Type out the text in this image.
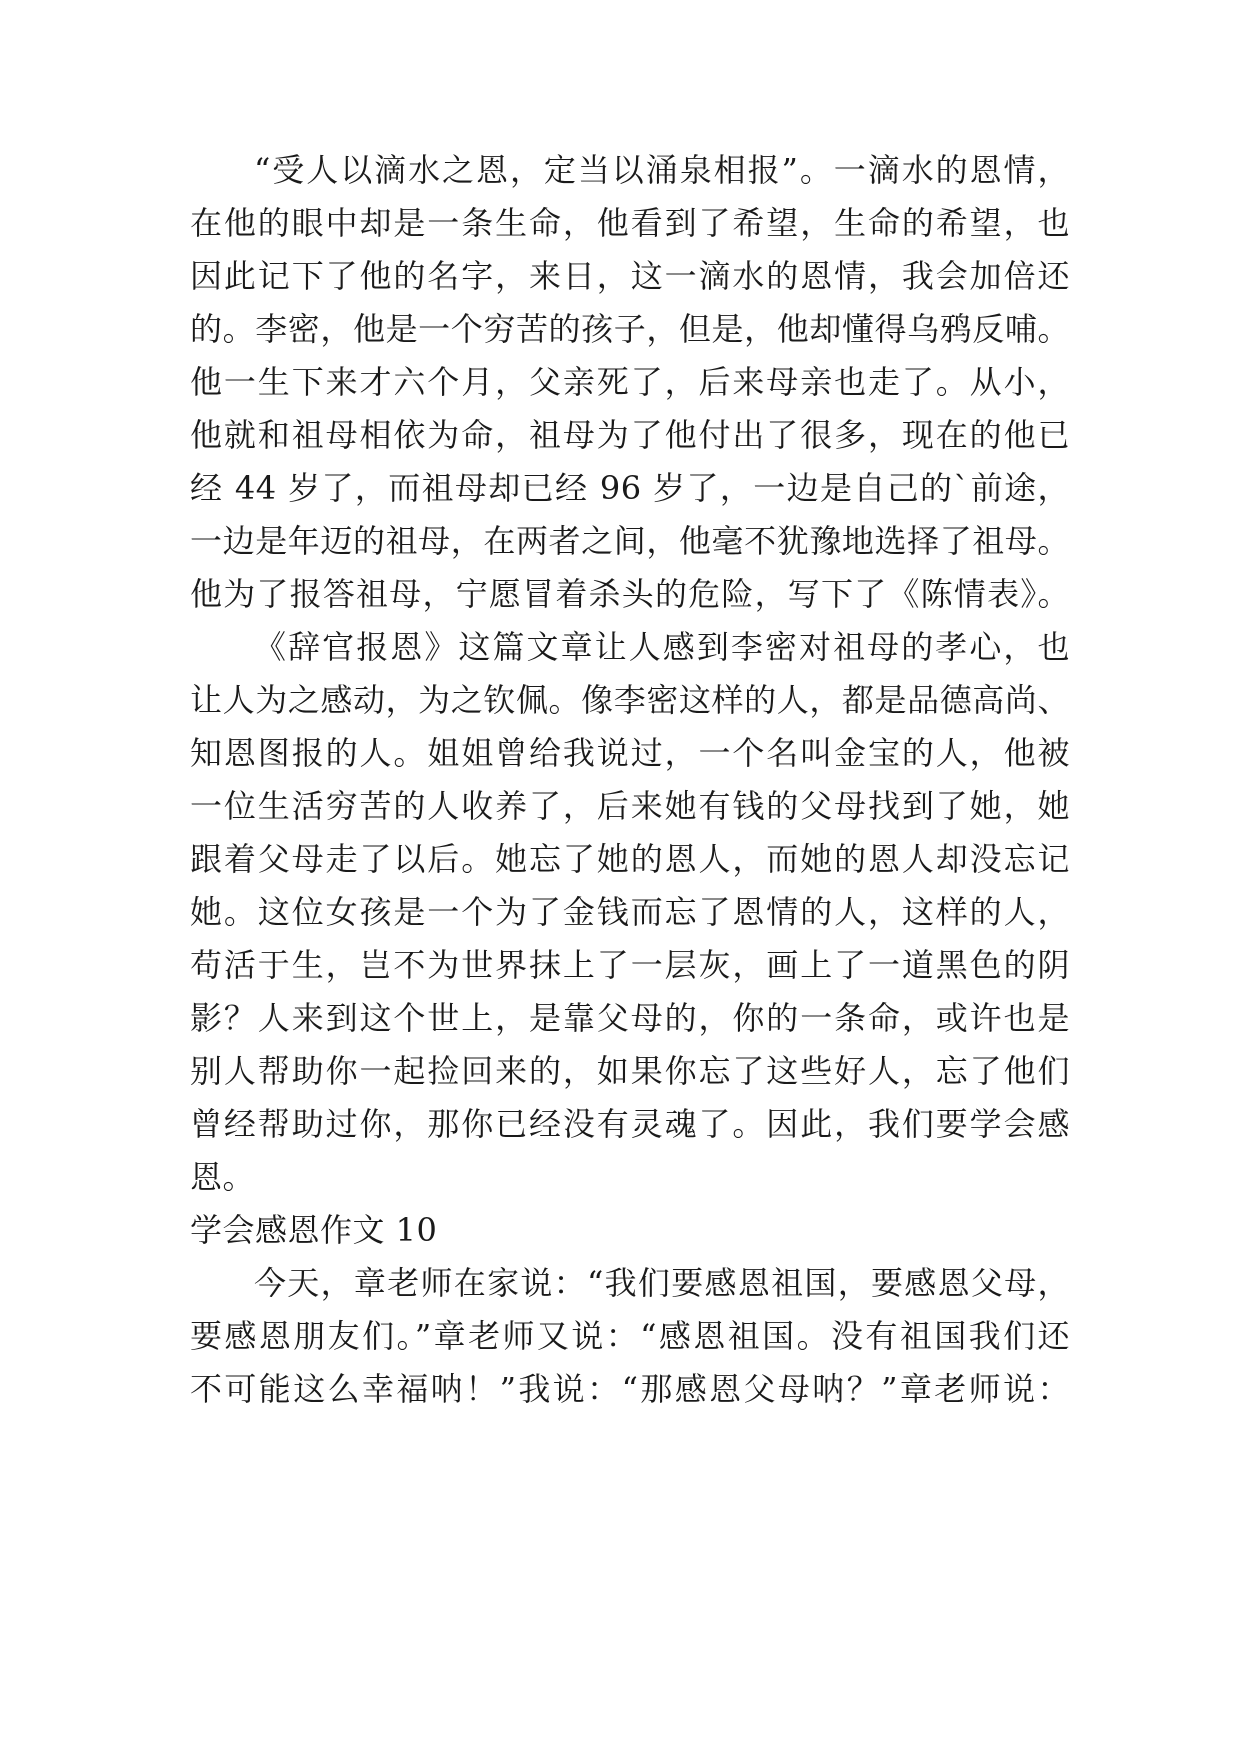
“受人以滴水之恩，定当以涌泉相报”。一滴水的恩情，
在他的眼中却是一条生命，他看到了希望，生命的希望，也
因此记下了他的名字，来日，这一滴水的恩情，我会加倍还
的。李密，他是一个穷苦的孩子，但是，他却懂得乌鸦反哺。
他一生下来才六个月，父亲死了，后来母亲也走了。从小，
他就和祖母相依为命，祖母为了他付出了很多，现在的他已
经 44 岁了，而祖母却已经 96 岁了，一边是自己的`前途，
一边是年迈的祖母，在两者之间，他毫不犹豫地选择了祖母。
他为了报答祖母，宁愿冒着杀头的危险，写下了《陈情表》。
《辞官报恩》这篇文章让人感到李密对祖母的孝心，也
让人为之感动，为之钦佩。像李密这样的人，都是品德高尚、
知恩图报的人。姐姐曾给我说过，一个名叫金宝的人，他被
一位生活穷苦的人收养了，后来她有钱的父母找到了她，她
跟着父母走了以后。她忘了她的恩人，而她的恩人却没忘记
她。这位女孩是一个为了金钱而忘了恩情的人，这样的人，
苟活于生，岂不为世界抹上了一层灰，画上了一道黑色的阴
影？人来到这个世上，是靠父母的，你的一条命，或许也是
别人帮助你一起捡回来的，如果你忘了这些好人，忘了他们
曾经帮助过你，那你已经没有灵魂了。因此，我们要学会感
恩。
学会感恩作文 10
今天，章老师在家说：“我们要感恩祖国，要感恩父母，
要感恩朋友们。”章老师又说：“感恩祖国。没有祖国我们还
不可能这么幸福呐！”我说：“那感恩父母呐？”章老师说：
